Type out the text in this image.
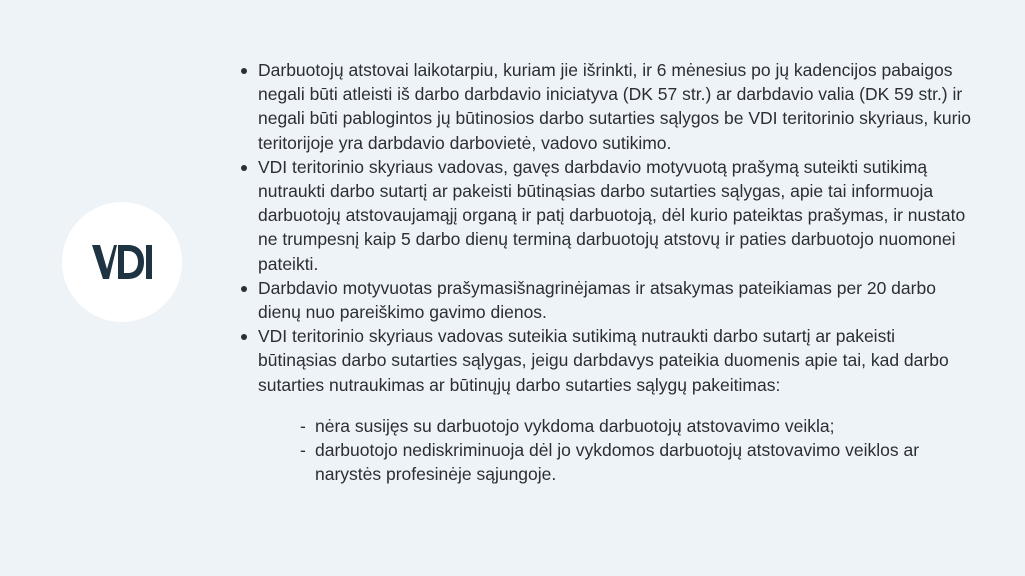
Darbuotojų atstovai laikotarpiu, kuriam jie išrinkti, ir 6 mėnesius po jų kadencijos pabaigos negali būti atleisti iš darbo darbdavio iniciatyva (DK 57 str.) ar darbdavio valia (DK 59 str.) ir negali būti pablogintos jų būtinosios darbo sutarties sąlygos be VDI teritorinio skyriaus, kurio teritorijoje yra darbdavio darbovietė, vadovo sutikimo.
VDI teritorinio skyriaus vadovas, gavęs darbdavio motyvuotą prašymą suteikti sutikimą nutraukti darbo sutartį ar pakeisti būtinąsias darbo sutarties sąlygas, apie tai informuoja darbuotojų atstovaujamąjį organą ir patį darbuotoją, dėl kurio pateiktas prašymas, ir nustato ne trumpesnį kaip 5 darbo dienų terminą darbuotojų atstovų ir paties darbuotojo nuomonei pateikti.
Darbdavio motyvuotas prašymasišnagrinėjamas ir atsakymas pateikiamas per 20 darbo dienų nuo pareiškimo gavimo dienos.
VDI teritorinio skyriaus vadovas suteikia sutikimą nutraukti darbo sutartį ar pakeisti būtinąsias darbo sutarties sąlygas, jeigu darbdavys pateikia duomenis apie tai, kad darbo sutarties nutraukimas ar būtinųjų darbo sutarties sąlygų pakeitimas:
- nėra susijęs su darbuotojo vykdoma darbuotojų atstovavimo veikla;
- darbuotojo nediskriminuoja dėl jo vykdomos darbuotojų atstovavimo veiklos ar narystės profesinėje sąjungoje.
